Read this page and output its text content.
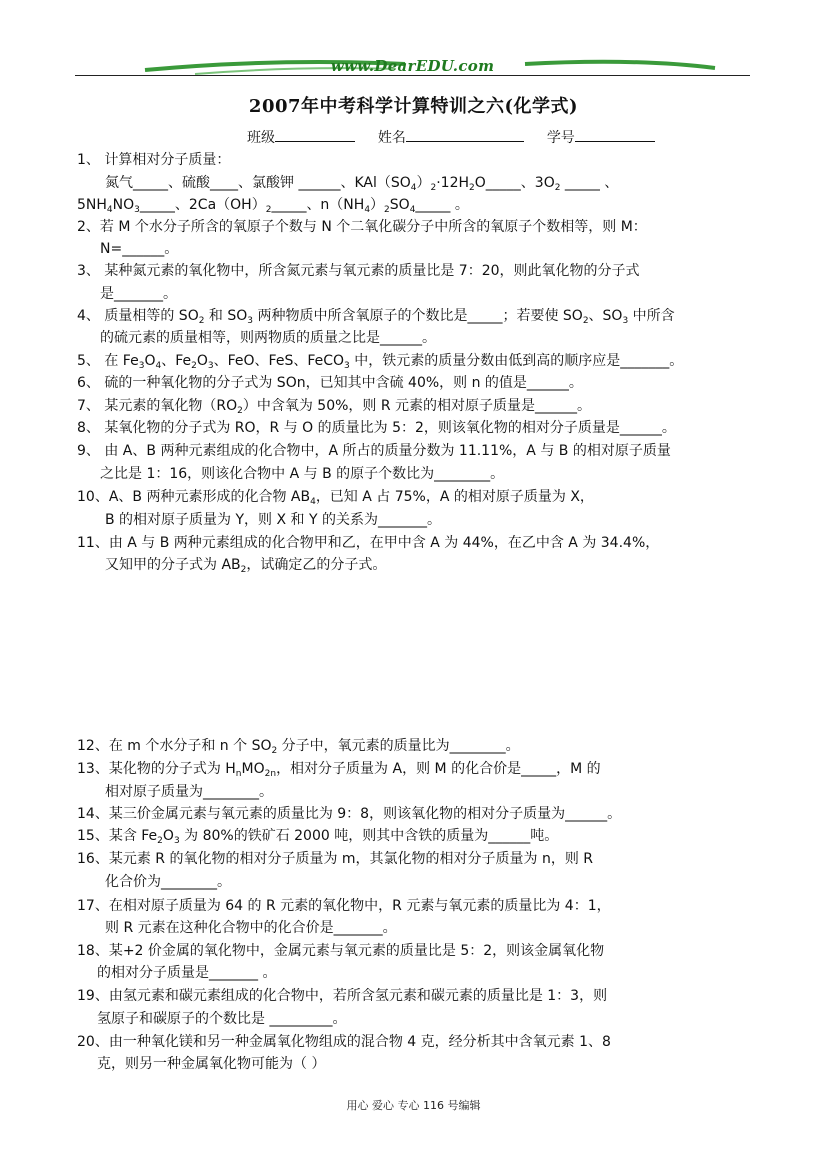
www.DearEDU.com
2007年中考科学计算特训之六(化学式)
班级	姓名	学号
1、 计算相对分子质量：
氮气_____、硫酸____、氯酸钾 ______、$KAl(SO_4)_2\cdot 12H_2O\_\_\_\_\_$、$3O_2$ _____ 、
$5NH_4NO_3\_\_\_\_\_$、$2Ca(OH)_2\_\_\_\_\_$、$n(NH_4)_2SO_4\_\_\_\_\_$ 。
2、若 M 个水分子所含的氧原子个数与 N 个二氧化碳分子中所含的氧原子个数相等，则 M：
N=______。
3、 某种氮元素的氧化物中，所含氮元素与氧元素的质量比是 7：20，则此氧化物的分子式
是_______。
4、 质量相等的 $SO_2$ 和 $SO_3$ 两种物质中所含氧原子的个数比是_____；若要使 $SO_2$、$SO_3$ 中所含
的硫元素的质量相等，则两物质的质量之比是______。
5、 在 $Fe_3O_4$、$Fe_2O_3$、FeO、FeS、FeCO$_3$ 中，铁元素的质量分数由低到高的顺序应是_______。
6、 硫的一种氧化物的分子式为 SOn，已知其中含硫 40%，则 n 的值是______。
7、 某元素的氧化物$(RO_2)$中含氧为 50%，则 R 元素的相对原子质量是______。
8、 某氧化物的分子式为 RO，R 与 O 的质量比为 5：2，则该氧化物的相对分子质量是______。
9、 由 A、B 两种元素组成的化合物中，A 所占的质量分数为 11.11%，A 与 B 的相对原子质量
之比是 1：16，则该化合物中 A 与 B 的原子个数比为________。
10、A、B 两种元素形成的化合物 $AB_4$，已知 A 占 75%，A 的相对原子质量为 X，
B 的相对原子质量为 Y，则 X 和 Y 的关系为_______。
11、由 A 与 B 两种元素组成的化合物甲和乙，在甲中含 A 为 44%，在乙中含 A 为 34.4%，
又知甲的分子式为 $AB_2$，试确定乙的分子式。
12、在 m 个水分子和 n 个 $SO_2$ 分子中，氧元素的质量比为________。
13、某化物的分子式为 $H_nMO_{2n}$，相对分子质量为 A，则 M 的化合价是_____，M 的
相对原子质量为________。
14、某三价金属元素与氧元素的质量比为 9：8，则该氧化物的相对分子质量为______。
15、某含 $Fe_2O_3$ 为 80%的铁矿石 2000 吨，则其中含铁的质量为______吨。
16、某元素 R 的氧化物的相对分子质量为 m，其氯化物的相对分子质量为 n，则 R
化合价为________。
17、在相对原子质量为 64 的 R 元素的氧化物中，R 元素与氧元素的质量比为 4：1，
则 R 元素在这种化合物中的化合价是_______。
18、某+2 价金属的氧化物中，金属元素与氧元素的质量比是 5：2，则该金属氧化物
的相对分子质量是_______ 。
19、由氢元素和碳元素组成的化合物中，若所含氢元素和碳元素的质量比是 1：3，则
氢原子和碳原子的个数比是 _________。
20、由一种氧化镁和另一种金属氧化物组成的混合物 4 克，经分析其中含氧元素 1、8
克，则另一种金属氧化物可能为（ ）
用心 爱心 专心 116 号编辑
